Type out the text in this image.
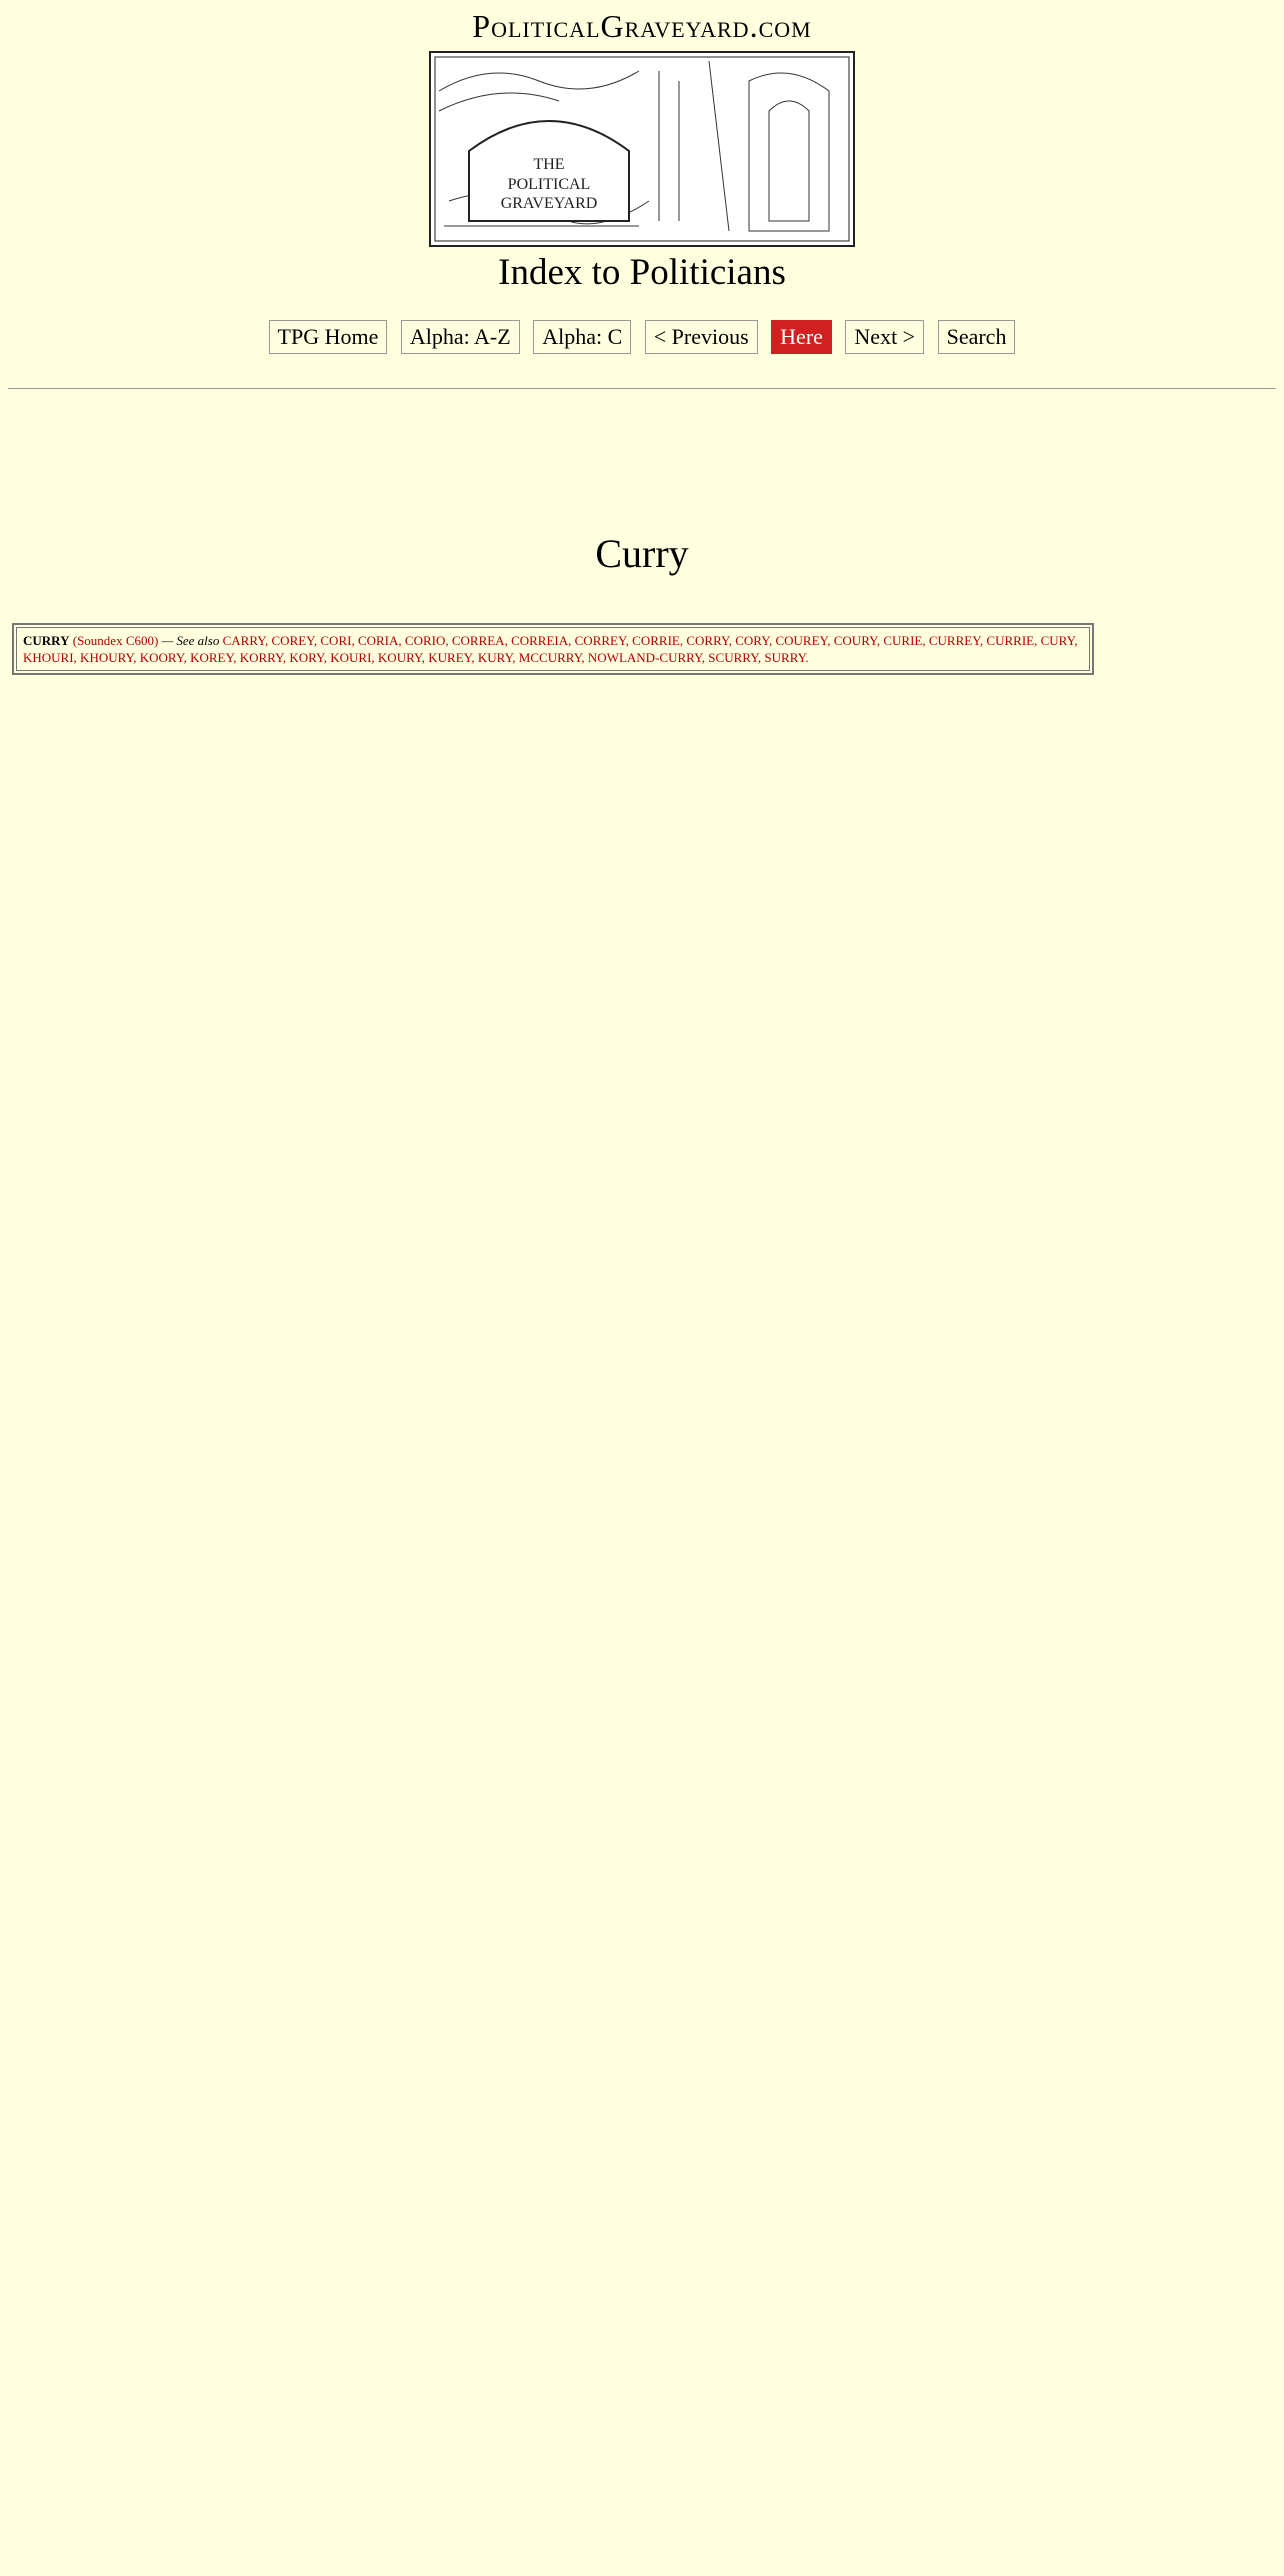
PoliticalGraveyard.com
THE
POLITICAL
GRAVEYARD
Index to Politicians
TPG Home Alpha: A-Z Alpha: C < Previous Here Next > Search
Curry
CURRY (Soundex C600) — See also CARRY, COREY, CORI, CORIA, CORIO, CORREA, CORREIA, CORREY, CORRIE, CORRY, CORY, COUREY, COURY, CURIE, CURREY, CURRIE, CURY, KHOURI, KHOURY, KOORY, KOREY, KORRY, KORY, KOURI, KOURY, KUREY, KURY, MCCURRY, NOWLAND-CURRY, SCURRY, SURRY.
